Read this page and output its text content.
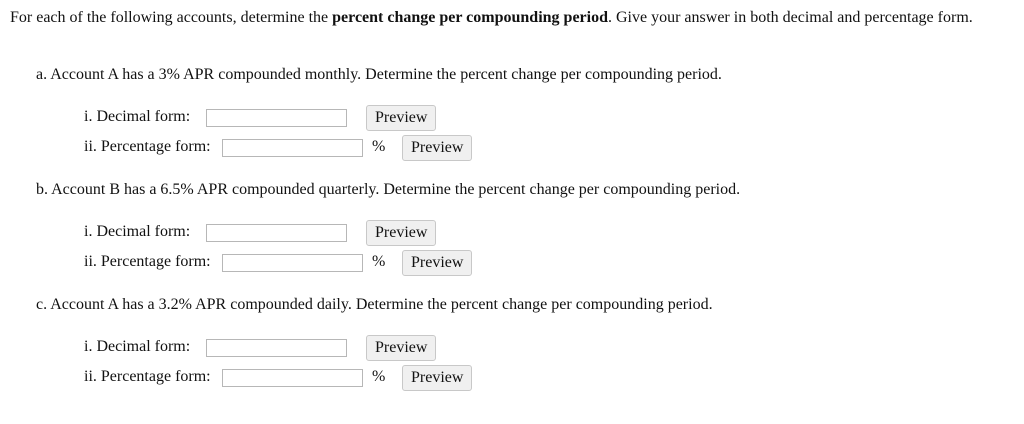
For each of the following accounts, determine the percent change per compounding period. Give your answer in both decimal and percentage form.
a. Account A has a 3% APR compounded monthly. Determine the percent change per compounding period.
i. Decimal form:	Preview
ii. Percentage form:	%	Preview
b. Account B has a 6.5% APR compounded quarterly. Determine the percent change per compounding period.
i. Decimal form:	Preview
ii. Percentage form:	%	Preview
c. Account A has a 3.2% APR compounded daily. Determine the percent change per compounding period.
i. Decimal form:	Preview
ii. Percentage form:	%	Preview
